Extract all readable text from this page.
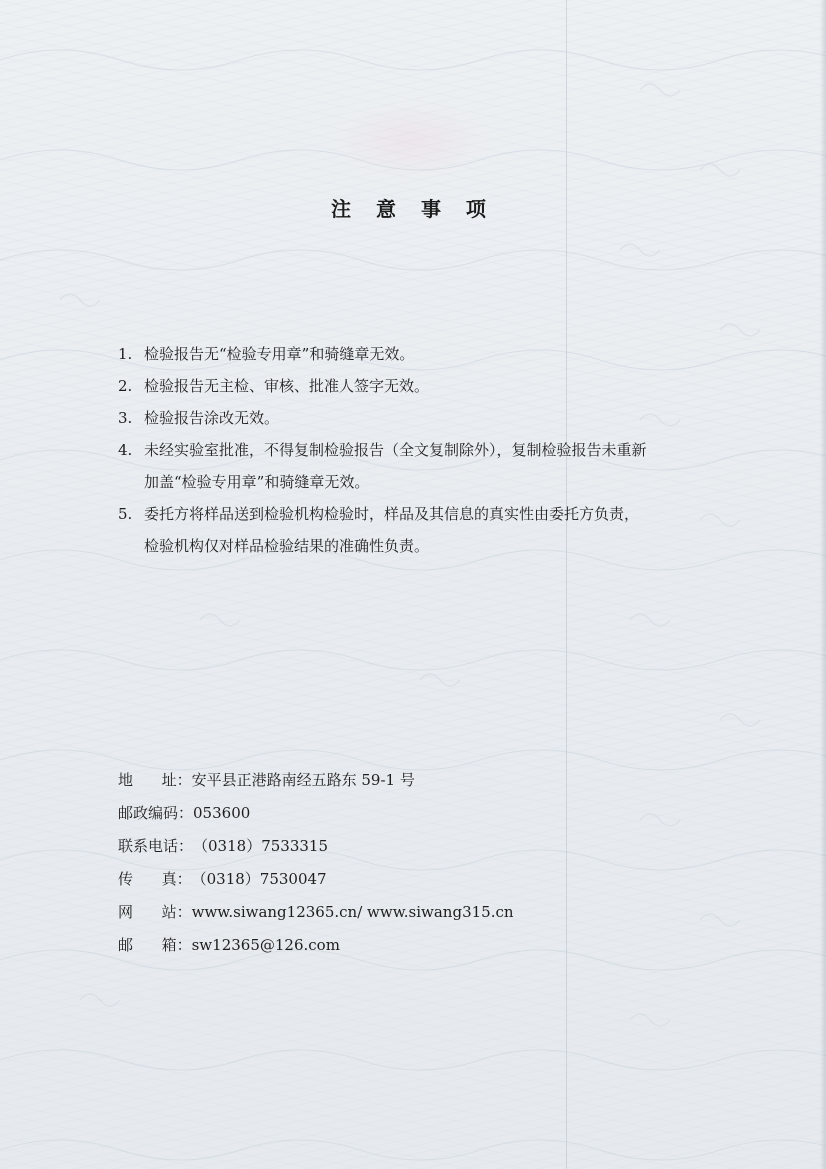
注 意 事 项
1. 检验报告无“检验专用章”和骑缝章无效。
2. 检验报告无主检、审核、批准人签字无效。
3. 检验报告涂改无效。
4. 未经实验室批准，不得复制检验报告（全文复制除外），复制检验报告未重新
加盖“检验专用章”和骑缝章无效。
5. 委托方将样品送到检验机构检验时，样品及其信息的真实性由委托方负责，
检验机构仅对样品检验结果的准确性负责。
地      址： 安平县正港路南经五路东 59-1 号
邮政编码： 053600
联系电话： （0318）7533315
传      真： （0318）7530047
网      站： www.siwang12365.cn/ www.siwang315.cn
邮      箱： sw12365@126.com
